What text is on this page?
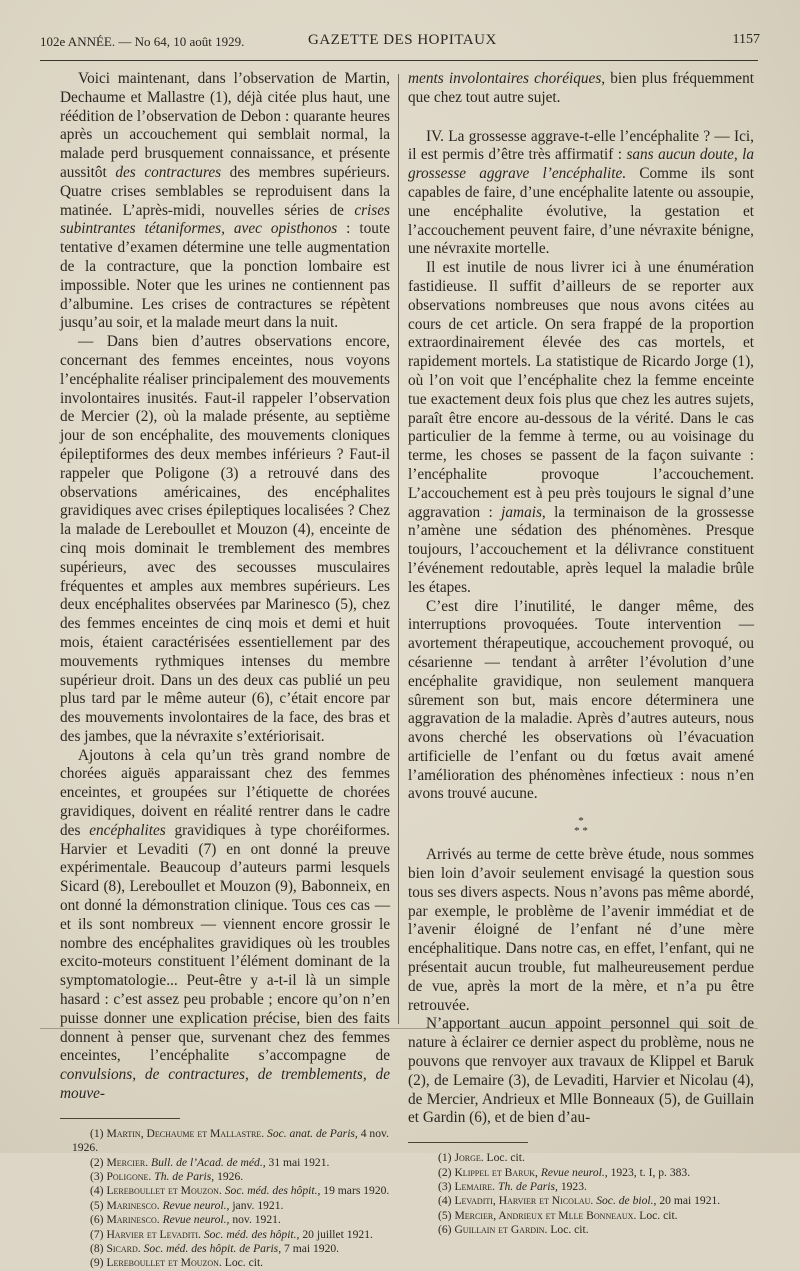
102e ANNÉE. — No 64, 10 août 1929.	GAZETTE DES HOPITAUX	1157

Voici maintenant, dans l’observation de Martin, Dechaume et Mallastre (1), déjà citée plus haut, une réédition de l’observation de Debon : quarante heures après un accouchement qui semblait normal, la malade perd brusquement connaissance, et présente aussitôt des contractures des membres supérieurs. Quatre crises semblables se reproduisent dans la matinée. L’après-midi, nouvelles séries de crises subintrantes tétaniformes, avec opisthonos : toute tentative d’examen détermine une telle augmentation de la contracture, que la ponction lombaire est impossible. Noter que les urines ne contiennent pas d’albumine. Les crises de contractures se répètent jusqu’au soir, et la malade meurt dans la nuit.

— Dans bien d’autres observations encore, concernant des femmes enceintes, nous voyons l’encéphalite réaliser principalement des mouvements involontaires inusités. Faut-il rappeler l’observation de Mercier (2), où la malade présente, au septième jour de son encéphalite, des mouvements cloniques épileptiformes des deux membes inférieurs ? Faut-il rappeler que Poligone (3) a retrouvé dans des observations américaines, des encéphalites gravidiques avec crises épileptiques localisées ? Chez la malade de Lereboullet et Mouzon (4), enceinte de cinq mois dominait le tremblement des membres supérieurs, avec des secousses musculaires fréquentes et amples aux membres supérieurs. Les deux encéphalites observées par Marinesco (5), chez des femmes enceintes de cinq mois et demi et huit mois, étaient caractérisées essentiellement par des mouvements rythmiques intenses du membre supérieur droit. Dans un des deux cas publié un peu plus tard par le même auteur (6), c’était encore par des mouvements involontaires de la face, des bras et des jambes, que la névraxite s’extériorisait.

Ajoutons à cela qu’un très grand nombre de chorées aiguës apparaissant chez des femmes enceintes, et groupées sur l’étiquette de chorées gravidiques, doivent en réalité rentrer dans le cadre des encéphalites gravidiques à type choréiformes. Harvier et Levaditi (7) en ont donné la preuve expérimentale. Beaucoup d’auteurs parmi lesquels Sicard (8), Lereboullet et Mouzon (9), Babonneix, en ont donné la démonstration clinique. Tous ces cas — et ils sont nombreux — viennent encore grossir le nombre des encéphalites gravidiques où les troubles excito-moteurs constituent l’élément dominant de la symptomatologie... Peut-être y a-t-il là un simple hasard : c’est assez peu probable ; encore qu’on n’en puisse donner une explication précise, bien des faits donnent à penser que, survenant chez des femmes enceintes, l’encéphalite s’accompagne de convulsions, de contractures, de tremblements, de mouve-

(1) Martin, Dechaume et Mallastre. Soc. anat. de Paris, 4 nov. 1926.

(2) Mercier. Bull. de l’Acad. de méd., 31 mai 1921.

(3) Poligone. Th. de Paris, 1926.

(4) Lereboullet et Mouzon. Soc. méd. des hôpit., 19 mars 1920.

(5) Marinesco. Revue neurol., janv. 1921.

(6) Marinesco. Revue neurol., nov. 1921.

(7) Harvier et Levaditi. Soc. méd. des hôpit., 20 juillet 1921.

(8) Sicard. Soc. méd. des hôpit. de Paris, 7 mai 1920.

(9) Lereboullet et Mouzon. Loc. cit.

ments involontaires choréiques, bien plus fréquemment que chez tout autre sujet.

IV. La grossesse aggrave-t-elle l’encéphalite ? — Ici, il est permis d’être très affirmatif : sans aucun doute, la grossesse aggrave l’encéphalite. Comme ils sont capables de faire, d’une encéphalite latente ou assoupie, une encéphalite évolutive, la gestation et l’accouchement peuvent faire, d’une névraxite bénigne, une névraxite mortelle.

Il est inutile de nous livrer ici à une énumération fastidieuse. Il suffit d’ailleurs de se reporter aux observations nombreuses que nous avons citées au cours de cet article. On sera frappé de la proportion extraordinairement élevée des cas mortels, et rapidement mortels. La statistique de Ricardo Jorge (1), où l’on voit que l’encéphalite chez la femme enceinte tue exactement deux fois plus que chez les autres sujets, paraît être encore au-dessous de la vérité. Dans le cas particulier de la femme à terme, ou au voisinage du terme, les choses se passent de la façon suivante : l’encéphalite provoque l’accouchement. L’accouchement est à peu près toujours le signal d’une aggravation : jamais, la terminaison de la grossesse n’amène une sédation des phénomènes. Presque toujours, l’accouchement et la délivrance constituent l’événement redoutable, après lequel la maladie brûle les étapes.

C’est dire l’inutilité, le danger même, des interruptions provoquées. Toute intervention — avortement thérapeutique, accouchement provoqué, ou césarienne — tendant à arrêter l’évolution d’une encéphalite gravidique, non seulement manquera sûrement son but, mais encore déterminera une aggravation de la maladie. Après d’autres auteurs, nous avons cherché les observations où l’évacuation artificielle de l’enfant ou du fœtus avait amené l’amélioration des phénomènes infectieux : nous n’en avons trouvé aucune.

*
* *

Arrivés au terme de cette brève étude, nous sommes bien loin d’avoir seulement envisagé la question sous tous ses divers aspects. Nous n’avons pas même abordé, par exemple, le problème de l’avenir immédiat et de l’avenir éloigné de l’enfant né d’une mère encéphalitique. Dans notre cas, en effet, l’enfant, qui ne présentait aucun trouble, fut malheureusement perdue de vue, après la mort de la mère, et n’a pu être retrouvée.

N’apportant aucun appoint personnel qui soit de nature à éclairer ce dernier aspect du problème, nous ne pouvons que renvoyer aux travaux de Klippel et Baruk (2), de Lemaire (3), de Levaditi, Harvier et Nicolau (4), de Mercier, Andrieux et Mlle Bonneaux (5), de Guillain et Gardin (6), et de bien d’au-

(1) Jorge. Loc. cit.

(2) Klippel et Baruk, Revue neurol., 1923, t. I, p. 383.

(3) Lemaire. Th. de Paris, 1923.

(4) Levaditi, Harvier et Nicolau. Soc. de biol., 20 mai 1921.

(5) Mercier, Andrieux et Mlle Bonneaux. Loc. cit.

(6) Guillain et Gardin. Loc. cit.
